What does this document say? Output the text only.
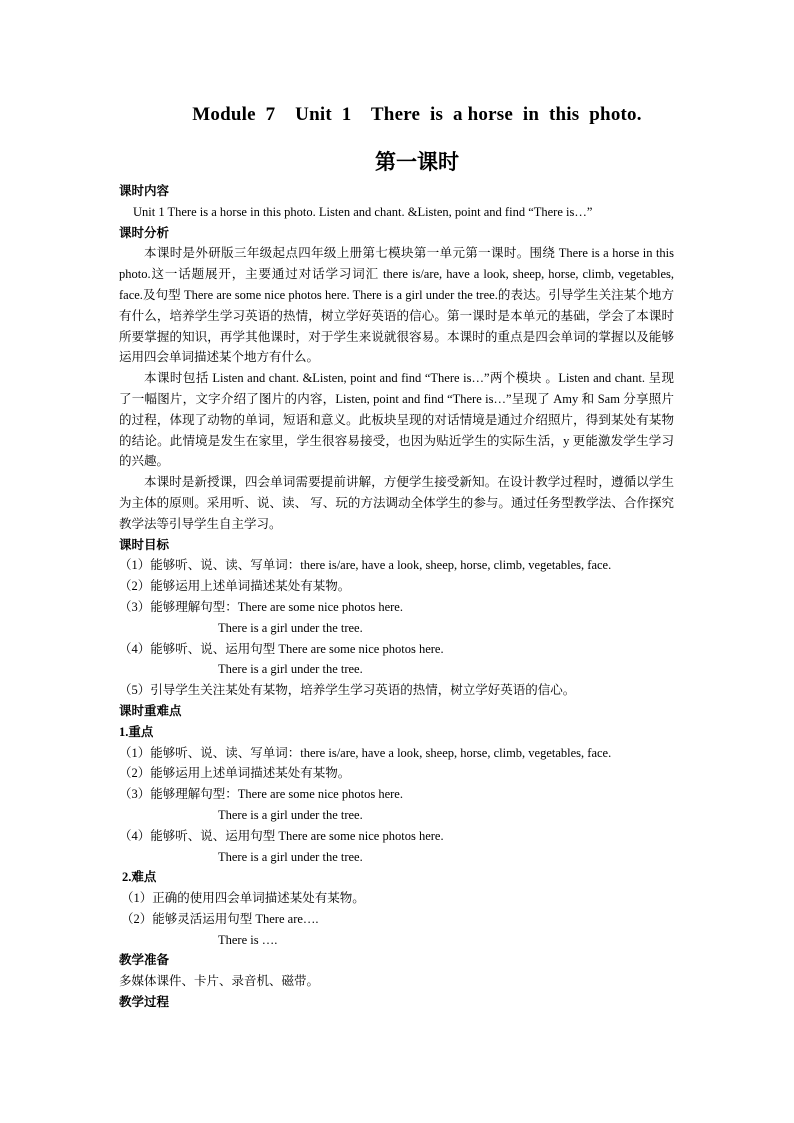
Module  7    Unit  1    There  is  a horse  in  this  photo.
第一课时
课时内容
Unit 1 There is a horse in this photo. Listen and chant. &Listen, point and find “There is…”
课时分析
本课时是外研版三年级起点四年级上册第七模块第一单元第一课时。围绕 There is a horse in this photo.这一话题展开，主要通过对话学习词汇 there is/are, have a look, sheep, horse, climb, vegetables, face.及句型 There are some nice photos here. There is a girl under the tree.的表达。引导学生关注某个地方有什么，培养学生学习英语的热情，树立学好英语的信心。第一课时是本单元的基础，学会了本课时所要掌握的知识，再学其他课时，对于学生来说就很容易。本课时的重点是四会单词的掌握以及能够运用四会单词描述某个地方有什么。
本课时包括 Listen and chant. &Listen, point and find “There is…”两个模块 。Listen and chant. 呈现了一幅图片，文字介绍了图片的内容，Listen, point and find “There is…”呈现了 Amy 和 Sam 分享照片的过程，体现了动物的单词，短语和意义。此板块呈现的对话情境是通过介绍照片，得到某处有某物的结论。此情境是发生在家里，学生很容易接受，也因为贴近学生的实际生活，y 更能激发学生学习的兴趣。
本课时是新授课，四会单词需要提前讲解，方便学生接受新知。在设计教学过程时，遵循以学生为主体的原则。采用听、说、读、 写、玩的方法调动全体学生的参与。通过任务型教学法、合作探究教学法等引导学生自主学习。
课时目标
（1）能够听、说、读、写单词：there is/are, have a look, sheep, horse, climb, vegetables, face.
（2）能够运用上述单词描述某处有某物。
（3）能够理解句型：There are some nice photos here.
There is a girl under the tree.
（4）能够听、说、运用句型 There are some nice photos here.
There is a girl under the tree.
（5）引导学生关注某处有某物，培养学生学习英语的热情，树立学好英语的信心。
课时重难点
1.重点
（1）能够听、说、读、写单词：there is/are, have a look, sheep, horse, climb, vegetables, face.
（2）能够运用上述单词描述某处有某物。
（3）能够理解句型：There are some nice photos here.
There is a girl under the tree.
（4）能够听、说、运用句型 There are some nice photos here.
There is a girl under the tree.
2.难点
（1）正确的使用四会单词描述某处有某物。
（2）能够灵活运用句型 There are….
There is ….
教学准备
多媒体课件、卡片、录音机、磁带。
教学过程
